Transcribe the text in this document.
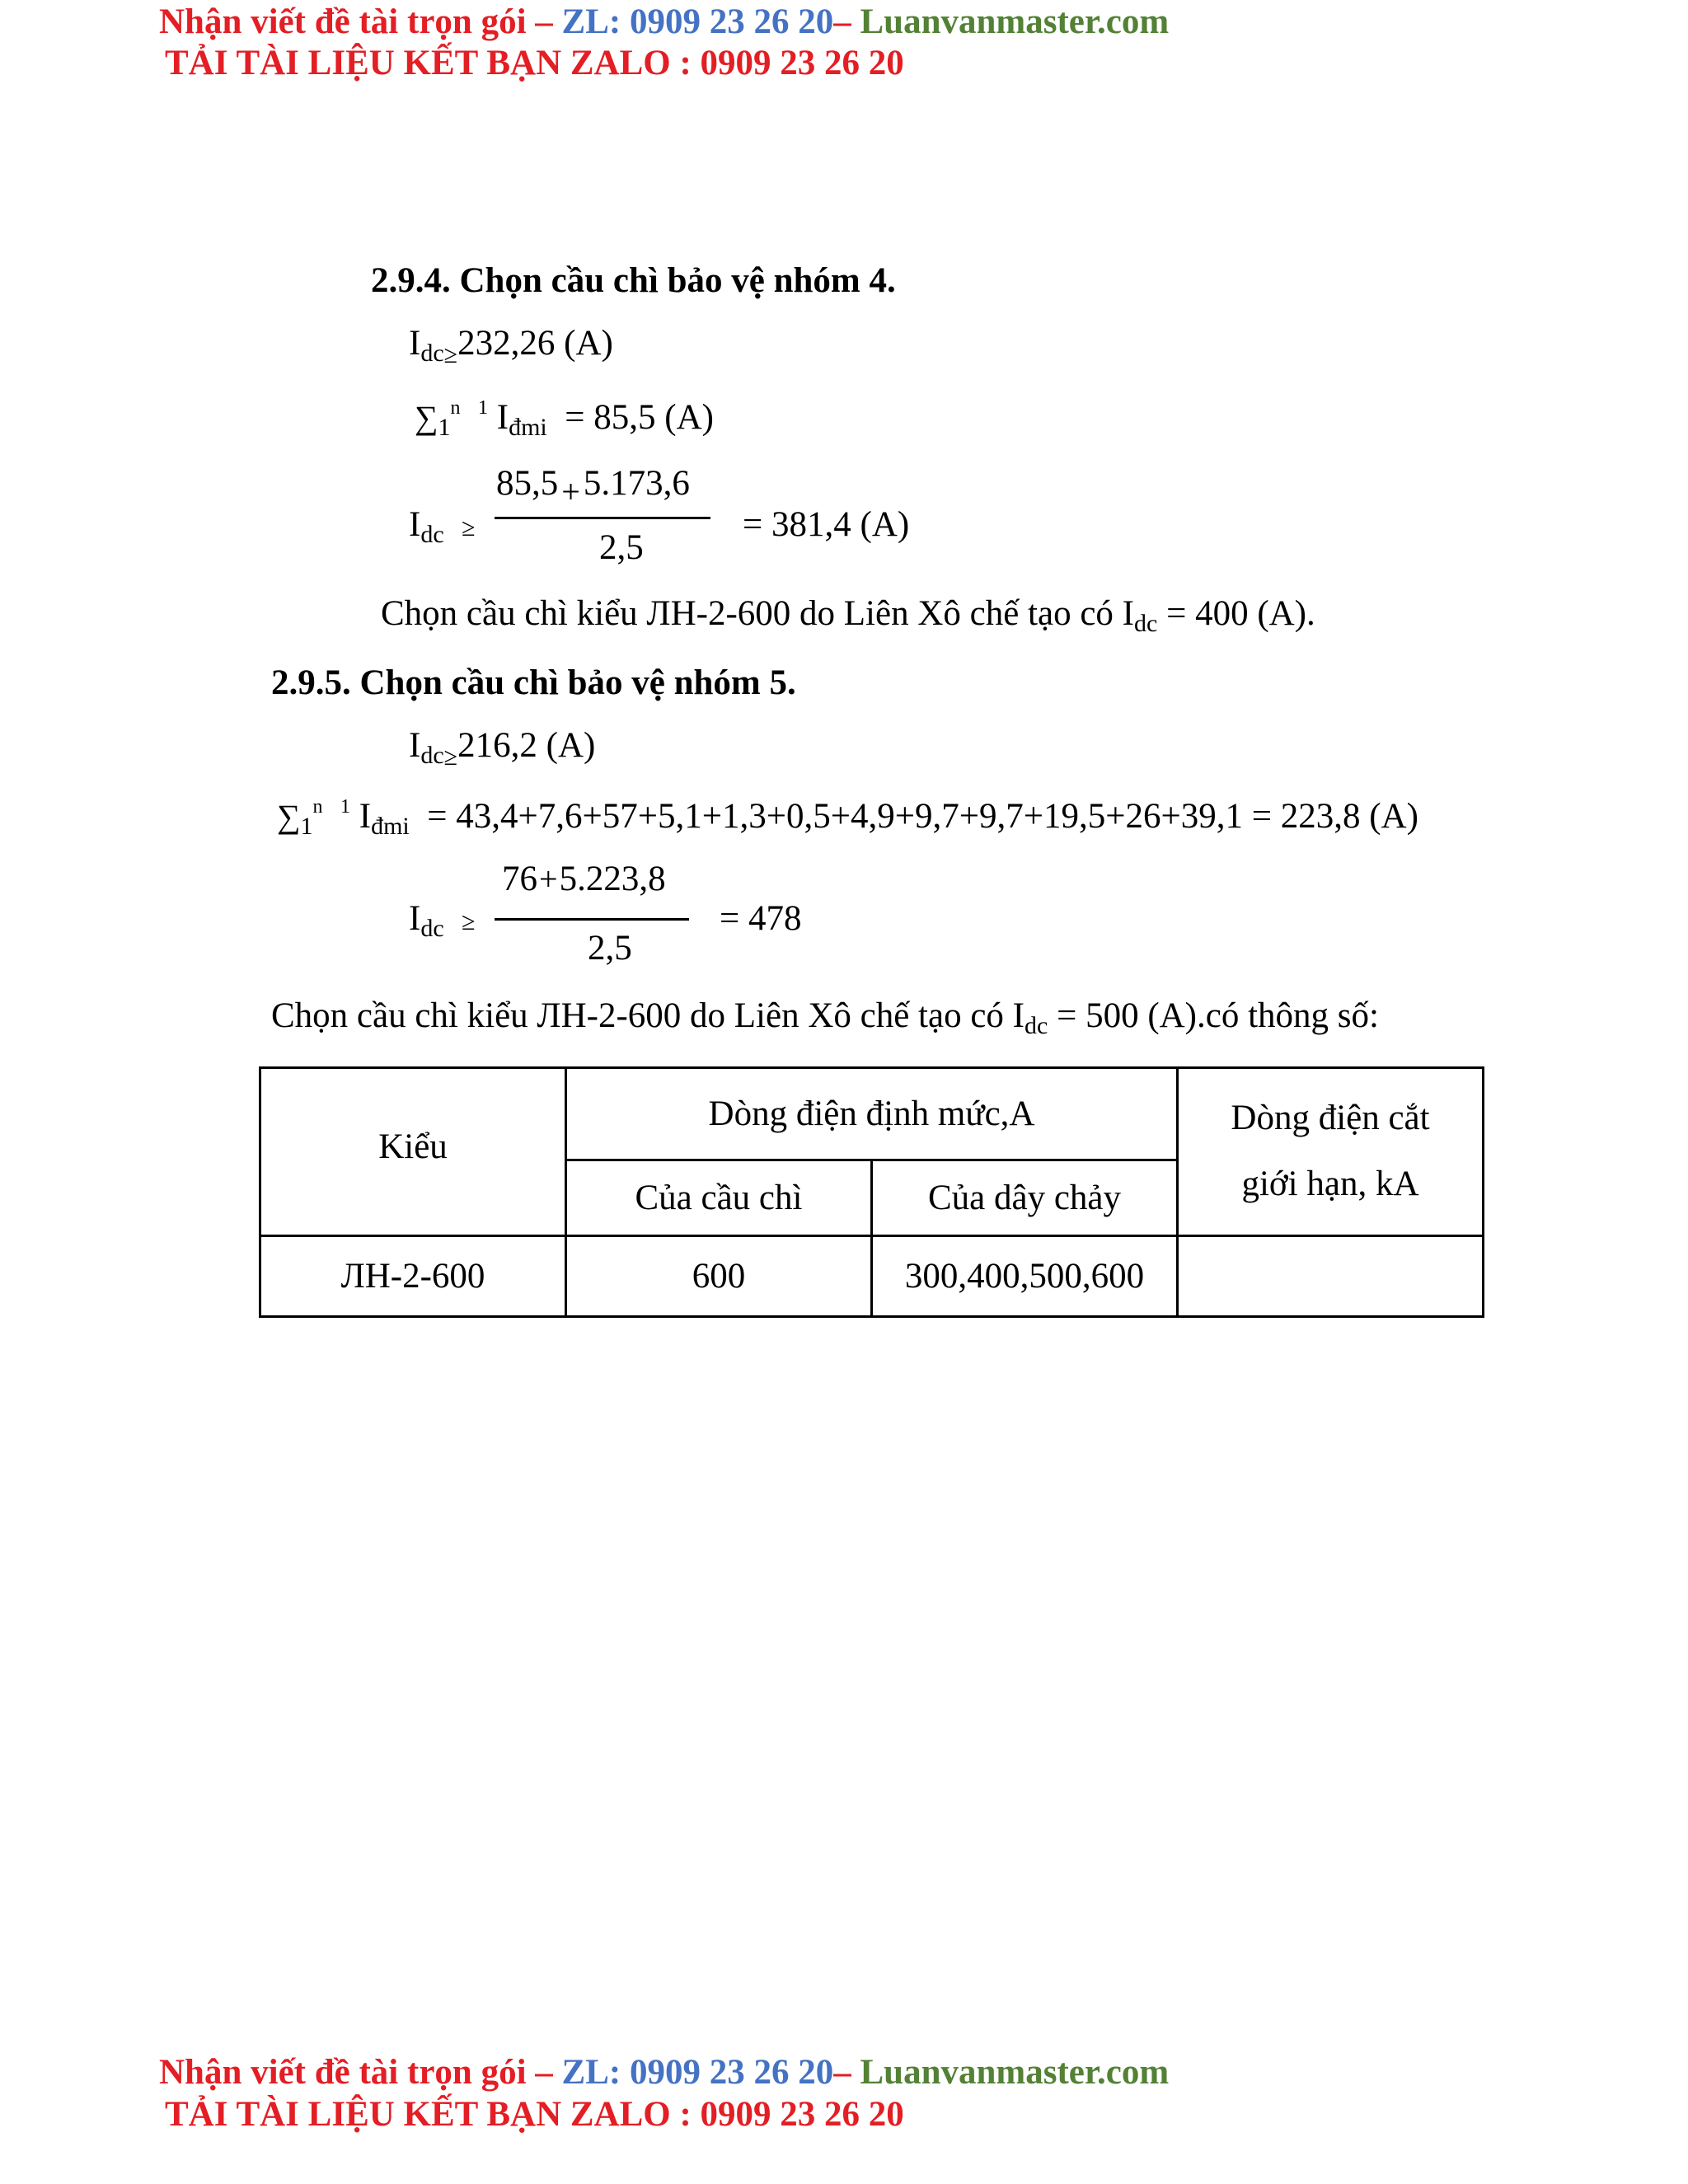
Nhận viết đề tài trọn gói – ZL: 0909 23 26 20– Luanvanmaster.com
TẢI TÀI LIỆU KẾT BẠN ZALO : 0909 23 26 20
2.9.4. Chọn cầu chì bảo vệ nhóm 4.
$I_{dc\ge}232,26$ (A)
$\sum_1^n$ $^1$ $I_{đmi} = 85,5$ (A)
$I_{dc}$ ≥
85,5 +5.173,6
2,5
= 381,4 (A)
Chọn cầu chì kiểu ЛН-2-600 do Liên Xô chế tạo có $I_{dc} = 400$ (A).
2.9.5. Chọn cầu chì bảo vệ nhóm 5.
$I_{dc\ge}216,2$ (A)
$\sum_1^n$ $^1$ $I_{đmi} = 43,4+7,6+57+5,1+1,3+0,5+4,9+9,7+9,7+19,5+26+39,1 = 223,8$ (A)
$I_{dc}$ ≥
76+5.223,8
2,5
= 478
Chọn cầu chì kiểu ЛН-2-600 do Liên Xô chế tạo có $I_{dc} = 500$ (A).có thông số:
Kiểu	Dòng điện định mức,A		Dòng điện cắt
giới hạn, kA

	Của cầu chì	Của dây chảy	
ЛН-2-600	600	300,400,500,600	
Nhận viết đề tài trọn gói – ZL: 0909 23 26 20– Luanvanmaster.com
TẢI TÀI LIỆU KẾT BẠN ZALO : 0909 23 26 20
